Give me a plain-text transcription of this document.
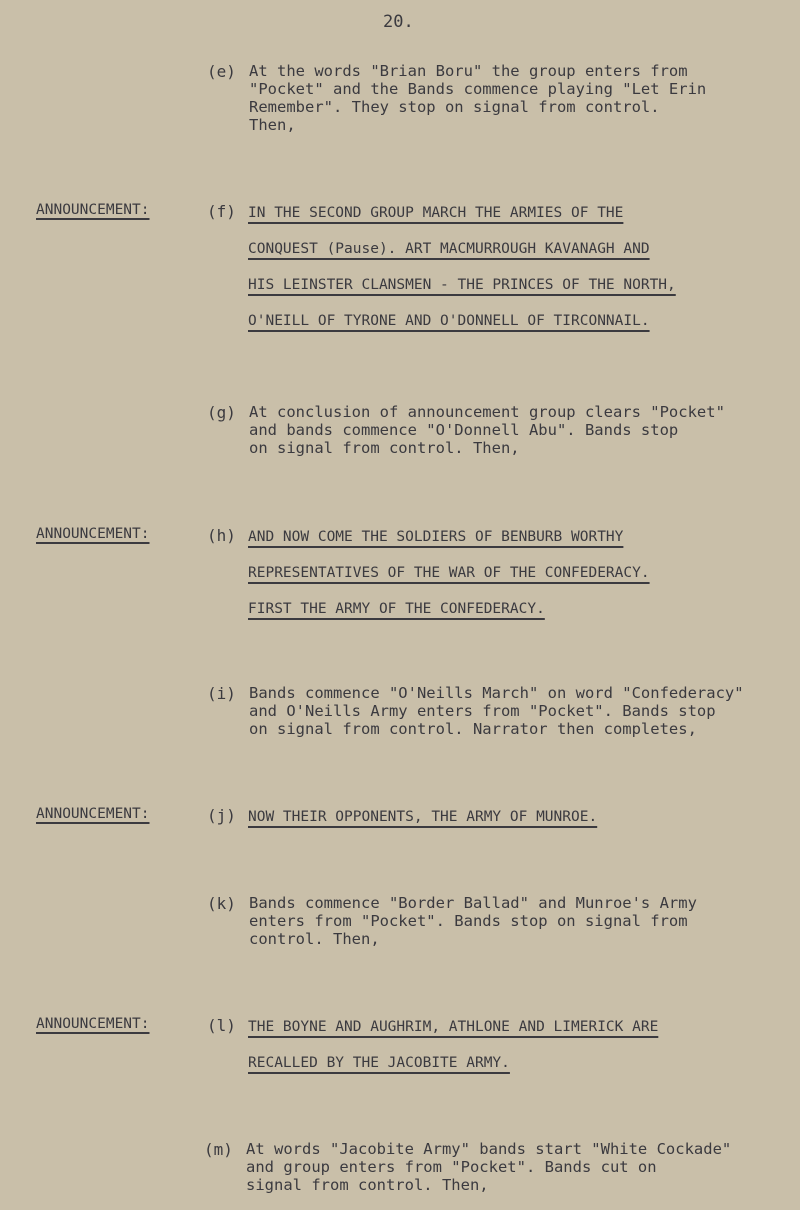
20.
(e) At the words "Brian Boru" the group enters from
"Pocket" and the Bands commence playing "Let Erin
Remember". They stop on signal from control.
Then,
ANNOUNCEMENT:	(f) IN THE SECOND GROUP MARCH THE ARMIES OF THE
CONQUEST (Pause). ART MACMURROUGH KAVANAGH AND
HIS LEINSTER CLANSMEN - THE PRINCES OF THE NORTH,
O'NEILL OF TYRONE AND O'DONNELL OF TIRCONNAIL.
(g) At conclusion of announcement group clears "Pocket"
and bands commence "O'Donnell Abu". Bands stop
on signal from control. Then,
ANNOUNCEMENT:	(h) AND NOW COME THE SOLDIERS OF BENBURB WORTHY
REPRESENTATIVES OF THE WAR OF THE CONFEDERACY.
FIRST THE ARMY OF THE CONFEDERACY.
(i) Bands commence "O'Neills March" on word "Confederacy"
and O'Neills Army enters from "Pocket". Bands stop
on signal from control. Narrator then completes,
ANNOUNCEMENT:	(j) NOW THEIR OPPONENTS, THE ARMY OF MUNROE.
(k) Bands commence "Border Ballad" and Munroe's Army
enters from "Pocket". Bands stop on signal from
control. Then,
ANNOUNCEMENT:	(l) THE BOYNE AND AUGHRIM, ATHLONE AND LIMERICK ARE
RECALLED BY THE JACOBITE ARMY.
(m) At words "Jacobite Army" bands start "White Cockade"
and group enters from "Pocket". Bands cut on
signal from control. Then,
